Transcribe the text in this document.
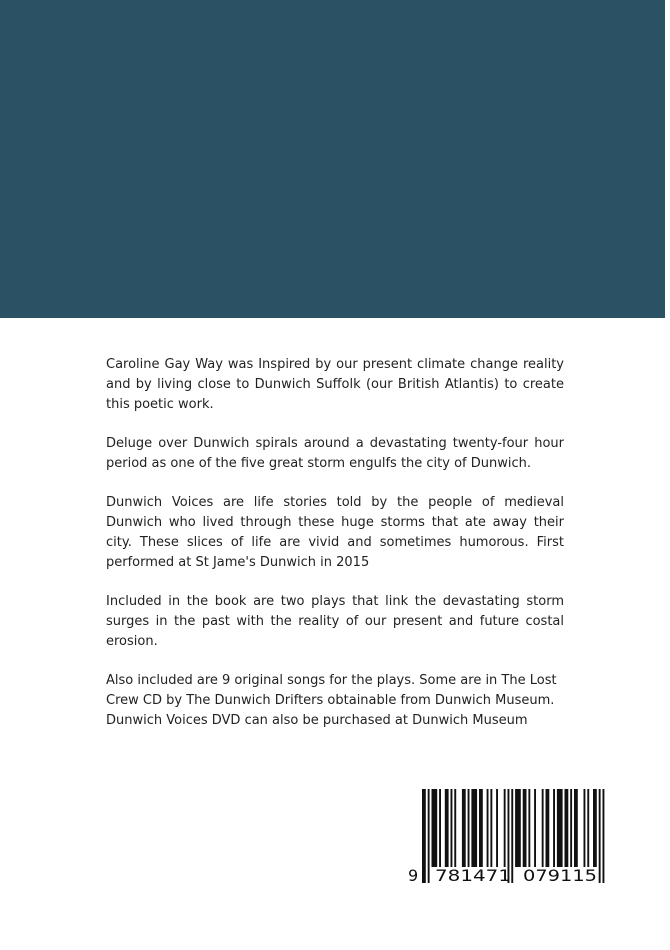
Caroline Gay Way was Inspired by our present climate change reality and by living close to Dunwich Suffolk (our British Atlantis) to create this poetic work.

Deluge over Dunwich spirals around a devastating twenty-four hour period as one of the five great storm engulfs the city of Dunwich.

Dunwich Voices are life stories told by the people of medieval Dunwich who lived through these huge storms that ate away their city. These slices of life are vivid and sometimes humorous. First performed at St Jame's Dunwich in 2015

Included in the book are two plays that link the devastating storm surges in the past with the reality of our present and future costal erosion.

Also included are 9 original songs for the plays. Some are in The Lost Crew CD by The Dunwich Drifters obtainable from Dunwich Museum. Dunwich Voices DVD can also be purchased at Dunwich Museum

9 781471 079115
